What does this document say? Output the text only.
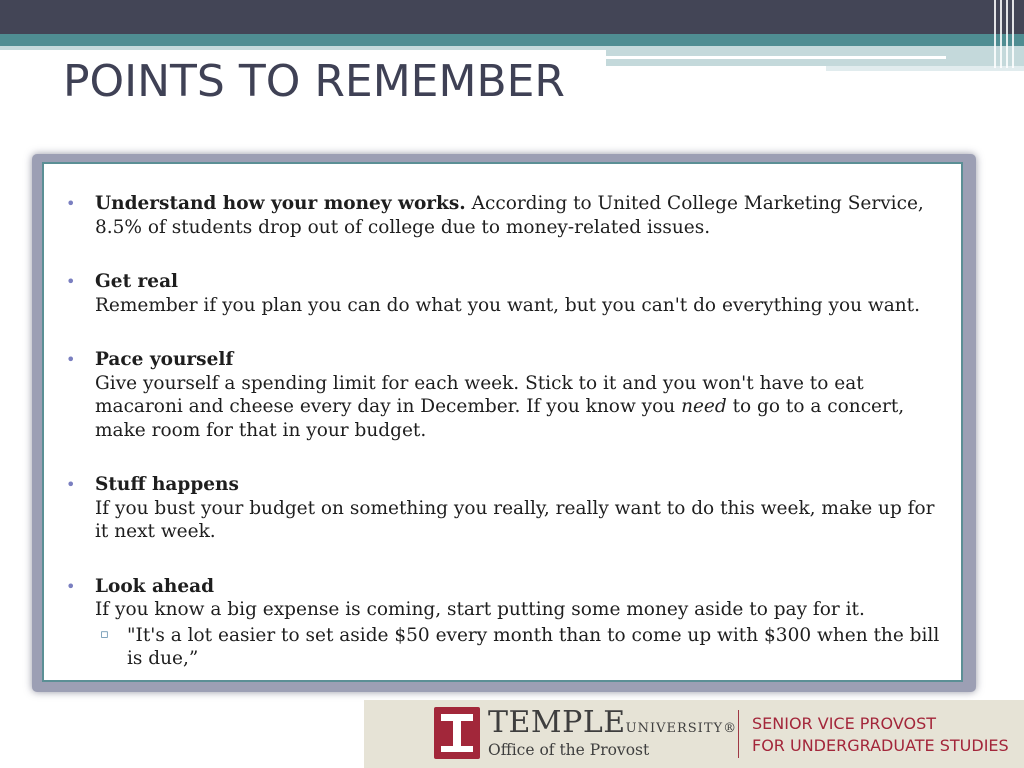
POINTS TO REMEMBER
• Understand how your money works. According to United College Marketing Service, 8.5% of students drop out of college due to money-related issues.
• Get real
Remember if you plan you can do what you want, but you can't do everything you want.
• Pace yourself
Give yourself a spending limit for each week. Stick to it and you won't have to eat macaroni and cheese every day in December. If you know you need to go to a concert, make room for that in your budget.
• Stuff happens
If you bust your budget on something you really, really want to do this week, make up for it next week.
• Look ahead
If you know a big expense is coming, start putting some money aside to pay for it.
▫ "It's a lot easier to set aside $50 every month than to come up with $300 when the bill is due,”
TEMPLEUNIVERSITY®
Office of the Provost
SENIOR VICE PROVOST
FOR UNDERGRADUATE STUDIES
